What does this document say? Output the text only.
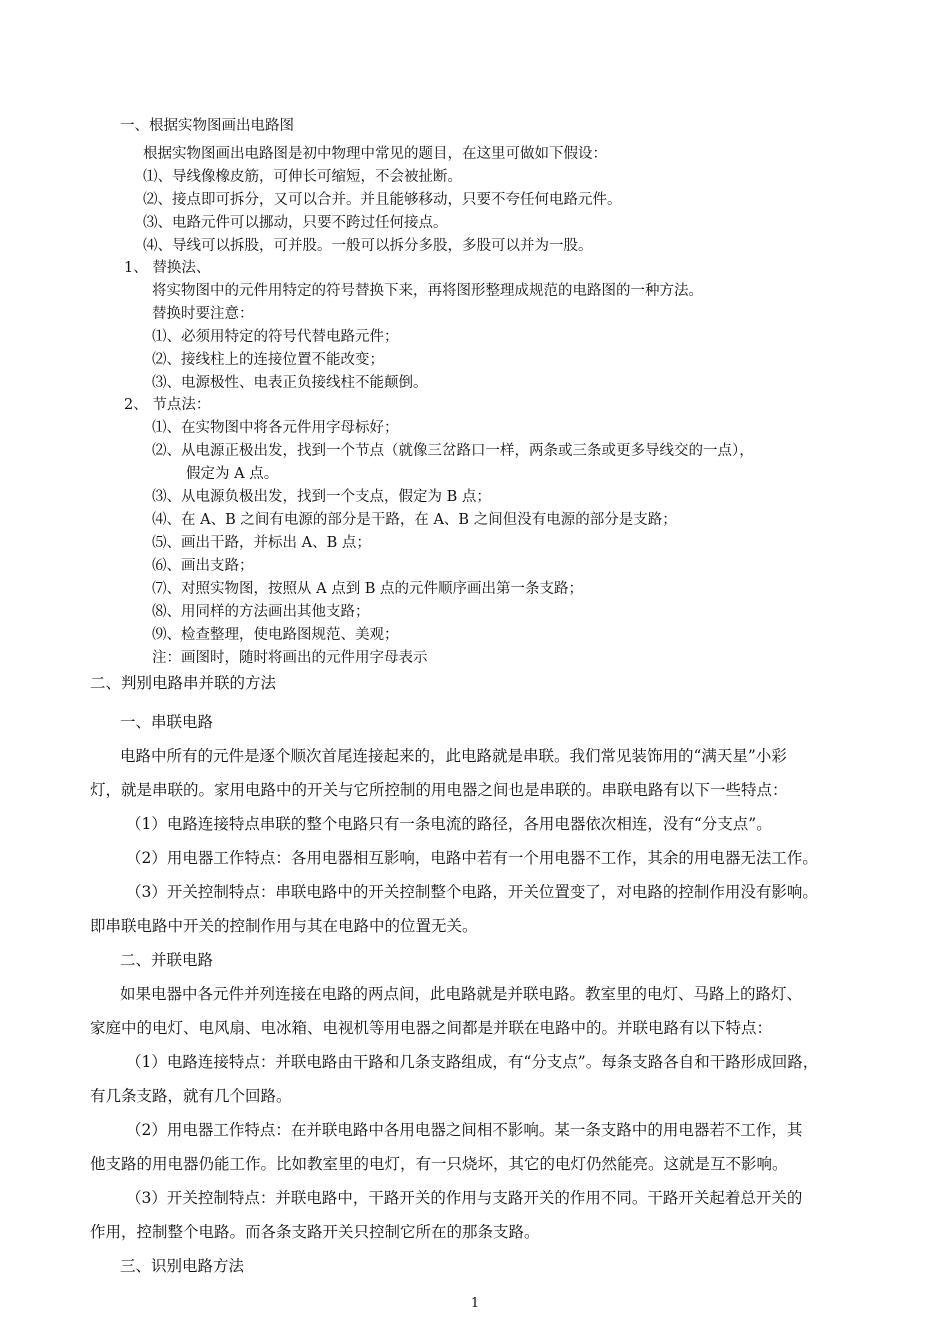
一、根据实物图画出电路图
根据实物图画出电路图是初中物理中常见的题目，在这里可做如下假设：
⑴、导线像橡皮筋，可伸长可缩短，不会被扯断。
⑵、接点即可拆分，又可以合并。并且能够移动，只要不夸任何电路元件。
⑶、电路元件可以挪动，只要不跨过任何接点。
⑷、导线可以拆股，可并股。一般可以拆分多股，多股可以并为一股。
1、 替换法、
将实物图中的元件用特定的符号替换下来，再将图形整理成规范的电路图的一种方法。
替换时要注意：
⑴、必须用特定的符号代替电路元件；
⑵、接线柱上的连接位置不能改变；
⑶、电源极性、电表正负接线柱不能颠倒。
2、 节点法：
⑴、在实物图中将各元件用字母标好；
⑵、从电源正极出发，找到一个节点（就像三岔路口一样，两条或三条或更多导线交的一点），
假定为 A 点。
⑶、从电源负极出发，找到一个支点，假定为 B 点；
⑷、在 A、B 之间有电源的部分是干路，在 A、B 之间但没有电源的部分是支路；
⑸、画出干路，并标出 A、B 点；
⑹、画出支路；
⑺、对照实物图，按照从 A 点到 B 点的元件顺序画出第一条支路；
⑻、用同样的方法画出其他支路；
⑼、检查整理，使电路图规范、美观；
注：画图时，随时将画出的元件用字母表示
二、判别电路串并联的方法
一、串联电路
电路中所有的元件是逐个顺次首尾连接起来的，此电路就是串联。我们常见装饰用的“满天星”小彩
灯，就是串联的。家用电路中的开关与它所控制的用电器之间也是串联的。串联电路有以下一些特点：
（1）电路连接特点串联的整个电路只有一条电流的路径，各用电器依次相连，没有“分支点”。
（2）用电器工作特点：各用电器相互影响，电路中若有一个用电器不工作，其余的用电器无法工作。
（3）开关控制特点：串联电路中的开关控制整个电路，开关位置变了，对电路的控制作用没有影响。
即串联电路中开关的控制作用与其在电路中的位置无关。
二、并联电路
如果电器中各元件并列连接在电路的两点间，此电路就是并联电路。教室里的电灯、马路上的路灯、
家庭中的电灯、电风扇、电冰箱、电视机等用电器之间都是并联在电路中的。并联电路有以下特点：
（1）电路连接特点：并联电路由干路和几条支路组成，有“分支点”。每条支路各自和干路形成回路，
有几条支路，就有几个回路。
（2）用电器工作特点：在并联电路中各用电器之间相不影响。某一条支路中的用电器若不工作，其
他支路的用电器仍能工作。比如教室里的电灯，有一只烧坏，其它的电灯仍然能亮。这就是互不影响。
（3）开关控制特点：并联电路中，干路开关的作用与支路开关的作用不同。干路开关起着总开关的
作用，控制整个电路。而各条支路开关只控制它所在的那条支路。
三、识别电路方法
1
